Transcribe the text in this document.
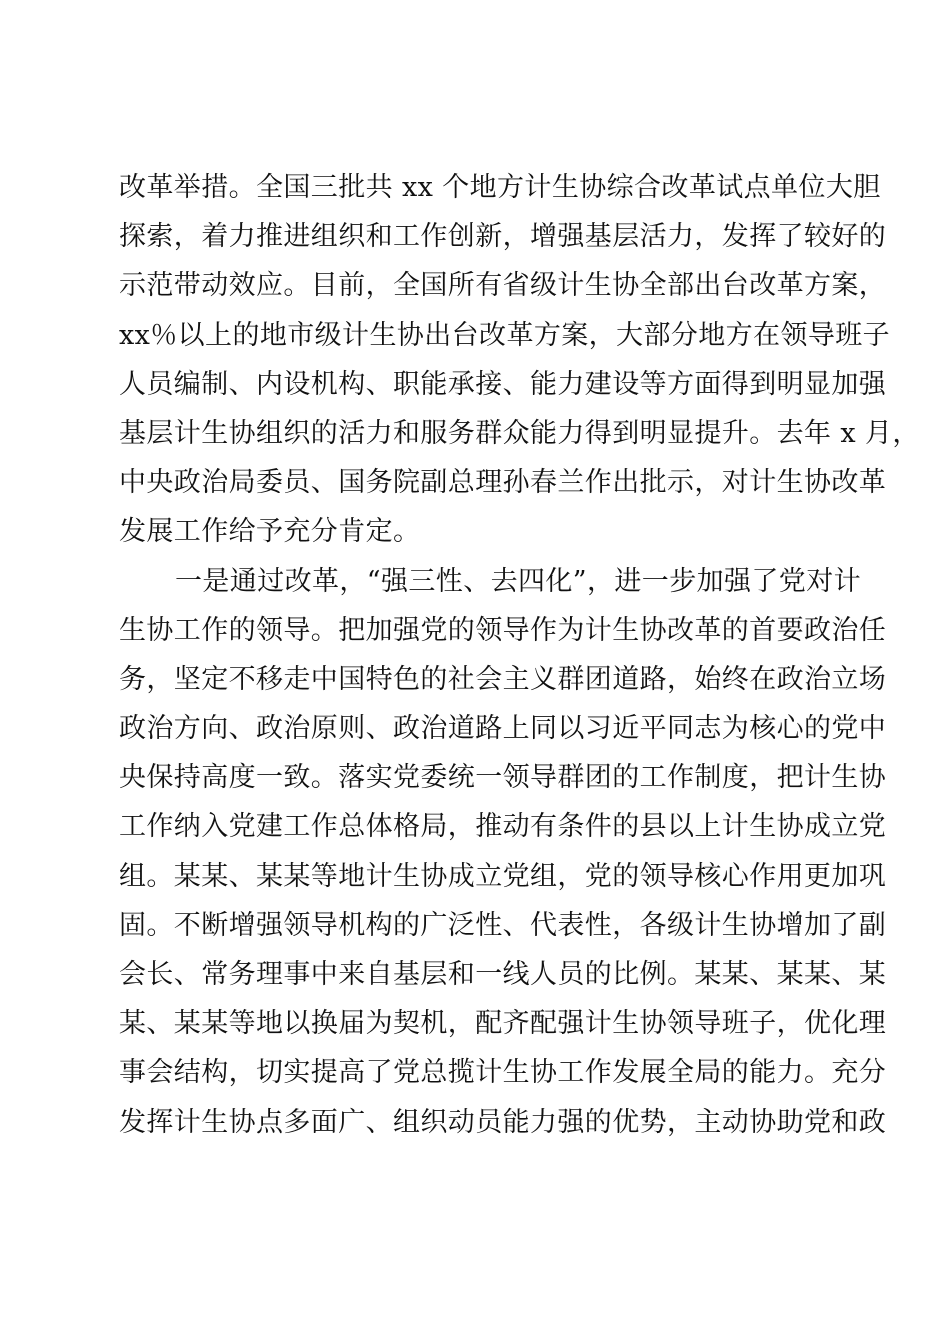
改革举措。全国三批共 xx 个地方计生协综合改革试点单位大胆
探索，着力推进组织和工作创新，增强基层活力，发挥了较好的
示范带动效应。目前，全国所有省级计生协全部出台改革方案，
xx％以上的地市级计生协出台改革方案，大部分地方在领导班子
人员编制、内设机构、职能承接、能力建设等方面得到明显加强
基层计生协组织的活力和服务群众能力得到明显提升。去年 x 月，
中央政治局委员、国务院副总理孙春兰作出批示，对计生协改革
发展工作给予充分肯定。
一是通过改革，“强三性、去四化”，进一步加强了党对计
生协工作的领导。把加强党的领导作为计生协改革的首要政治任
务，坚定不移走中国特色的社会主义群团道路，始终在政治立场
政治方向、政治原则、政治道路上同以习近平同志为核心的党中
央保持高度一致。落实党委统一领导群团的工作制度，把计生协
工作纳入党建工作总体格局，推动有条件的县以上计生协成立党
组。某某、某某等地计生协成立党组，党的领导核心作用更加巩
固。不断增强领导机构的广泛性、代表性，各级计生协增加了副
会长、常务理事中来自基层和一线人员的比例。某某、某某、某
某、某某等地以换届为契机，配齐配强计生协领导班子，优化理
事会结构，切实提高了党总揽计生协工作发展全局的能力。充分
发挥计生协点多面广、组织动员能力强的优势，主动协助党和政
